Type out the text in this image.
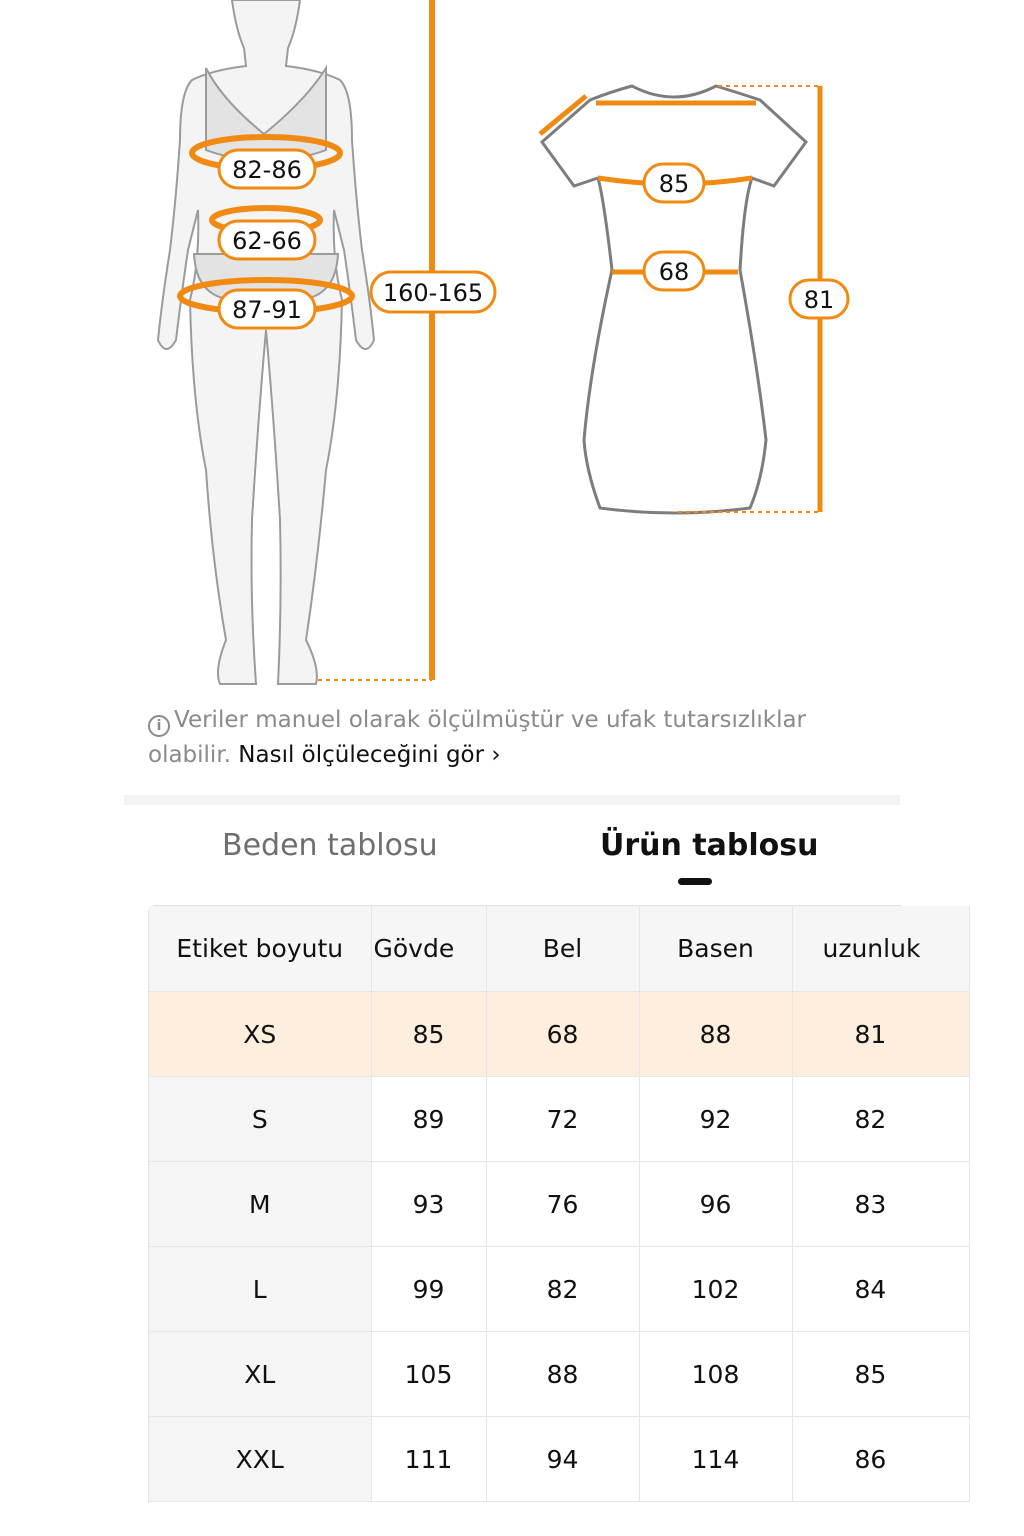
82-86
62-66
87-91
160-165
85
68
81
i Veriler manuel olarak ölçülmüştür ve ufak tutarsızlıklar olabilir. Nasıl ölçüleceğini gör ›
Beden tablosu	Ürün tablosu
Etiket boyutu	Gövde	Bel	Basen	uzunluk
XS	85	68	88	81
S	89	72	92	82
M	93	76	96	83
L	99	82	102	84
XL	105	88	108	85
XXL	111	94	114	86
